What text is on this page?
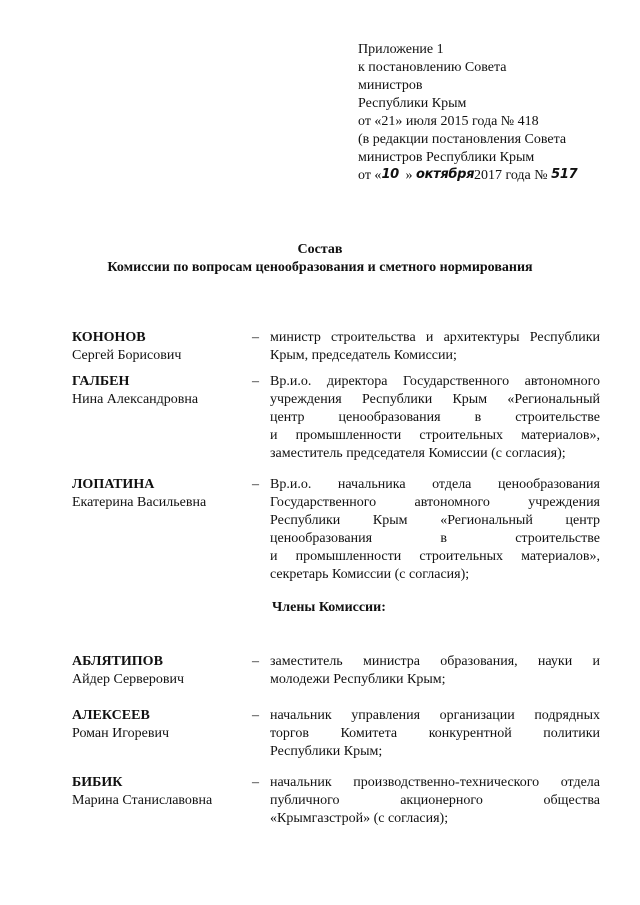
Приложение 1
к постановлению Совета
министров
Республики Крым
от «21» июля 2015 года № 418
(в редакции постановления Совета
министров Республики Крым
от «10 » октября2017 года № 517
Состав
Комиссии по вопросам ценообразования и сметного нормирования
КОНОНОВ
Сергей Борисович
– министр строительства и архитектуры Республики
Крым, председатель Комиссии;
ГАЛБЕН
Нина Александровна
– Вр.и.о. директора Государственного автономного
учреждения Республики Крым «Региональный
центр ценообразования в строительстве
и промышленности строительных материалов»,
заместитель председателя Комиссии (с согласия);
ЛОПАТИНА
Екатерина Васильевна
– Вр.и.о. начальника отдела ценообразования
Государственного автономного учреждения
Республики Крым «Региональный центр
ценообразования в строительстве
и промышленности строительных материалов»,
секретарь Комиссии (с согласия);
Члены Комиссии:
АБЛЯТИПОВ
Айдер Серверович
– заместитель министра образования, науки и
молодежи Республики Крым;
АЛЕКСЕЕВ
Роман Игоревич
– начальник управления организации подрядных
торгов Комитета конкурентной политики
Республики Крым;
БИБИК
Марина Станиславовна
– начальник производственно-технического отдела
публичного акционерного общества
«Крымгазстрой» (с согласия);
